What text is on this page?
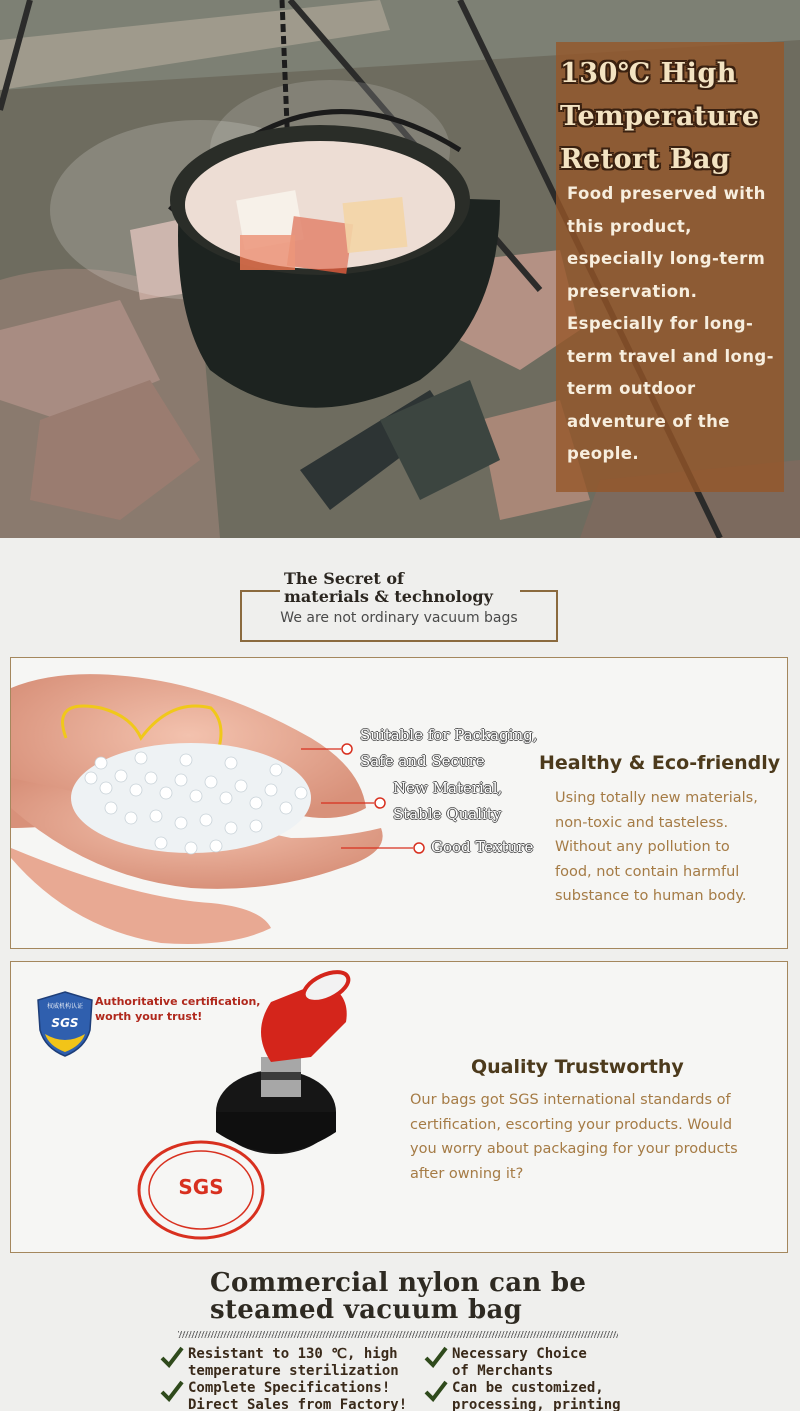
130℃ High
Temperature
Retort Bag
Food preserved with this product, especially long-term preservation. Especially for long-term travel and long-term outdoor adventure of the people.
The Secret of
materials & technology
We are not ordinary vacuum bags
Suitable for Packaging,
Safe and Secure
New Material,
Stable Quality
Good Texture
Healthy & Eco-friendly
Using totally new materials,
non-toxic and tasteless.
Without any pollution to
food, not contain harmful
substance to human body.
SGS
权威机构认证 Authoritative certification,
worth your trust!
SGS
Quality Trustworthy
Our bags got SGS international standards of
certification, escorting your products. Would
you worry about packaging for your products
after owning it?
Commercial nylon can be
steamed vacuum bag
Resistant to 130 ℃, high
temperature sterilization
Necessary Choice
of Merchants
Complete Specifications!
Direct Sales from Factory!
Can be customized,
processing, printing
